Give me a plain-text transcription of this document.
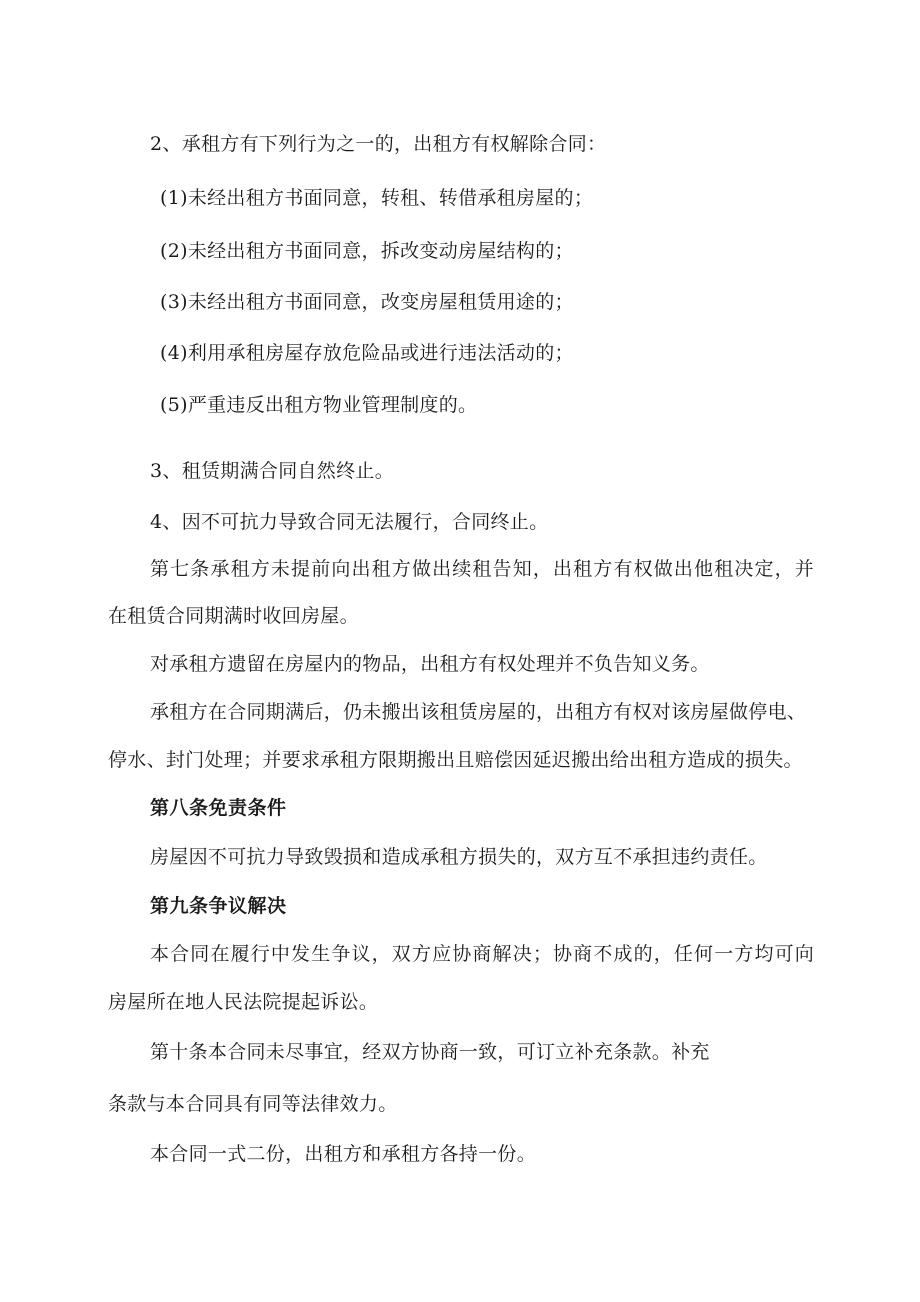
2、承租方有下列行为之一的，出租方有权解除合同：
(1)未经出租方书面同意，转租、转借承租房屋的；
(2)未经出租方书面同意，拆改变动房屋结构的；
(3)未经出租方书面同意，改变房屋租赁用途的；
(4)利用承租房屋存放危险品或进行违法活动的；
(5)严重违反出租方物业管理制度的。
3、租赁期满合同自然终止。
4、因不可抗力导致合同无法履行，合同终止。
第七条承租方未提前向出租方做出续租告知，出租方有权做出他租决定，并
在租赁合同期满时收回房屋。
对承租方遗留在房屋内的物品，出租方有权处理并不负告知义务。
承租方在合同期满后，仍未搬出该租赁房屋的，出租方有权对该房屋做停电、
停水、封门处理；并要求承租方限期搬出且赔偿因延迟搬出给出租方造成的损失。
第八条免责条件
房屋因不可抗力导致毁损和造成承租方损失的，双方互不承担违约责任。
第九条争议解决
本合同在履行中发生争议，双方应协商解决；协商不成的，任何一方均可向
房屋所在地人民法院提起诉讼。
第十条本合同未尽事宜，经双方协商一致，可订立补充条款。补充
条款与本合同具有同等法律效力。
本合同一式二份，出租方和承租方各持一份。
